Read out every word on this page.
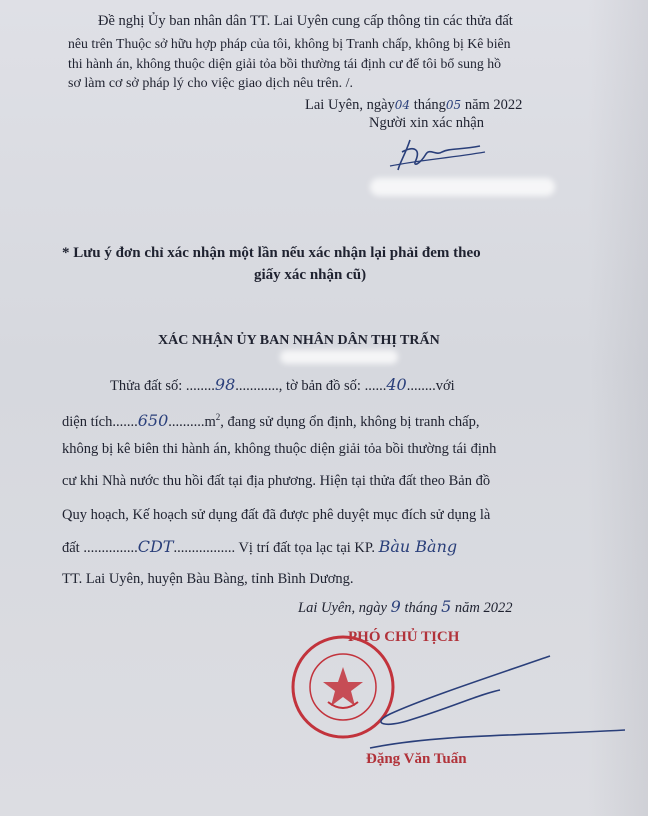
Đề nghị Ủy ban nhân dân TT. Lai Uyên cung cấp thông tin các thửa đất
nêu trên Thuộc sở hữu hợp pháp của tôi, không bị Tranh chấp, không bị Kê biên
thi hành án, không thuộc diện giải tỏa bồi thường tái định cư để tôi bổ sung hồ
sơ làm cơ sở pháp lý cho việc giao dịch nêu trên. /.
Lai Uyên, ngày04 tháng05 năm 2022
Người xin xác nhận
* Lưu ý đơn chỉ xác nhận một lần nếu xác nhận lại phải đem theo
giấy xác nhận cũ)
XÁC NHẬN ỦY BAN NHÂN DÂN THỊ TRẤN
Thửa đất số: ........98............, tờ bản đồ số: ......40........với
diện $tích.......650..........m^2$, đang sử dụng ổn định, không bị tranh chấp,
không bị kê biên thi hành án, không thuộc diện giải tỏa bồi thường tái định
cư khi Nhà nước thu hồi đất tại địa phương. Hiện tại thửa đất theo Bản đồ
Quy hoạch, Kế hoạch sử dụng đất đã được phê duyệt mục đích sử dụng là
đất ...............CDT................. Vị trí đất tọa lạc tại KP. Bàu Bàng
TT. Lai Uyên, huyện Bàu Bàng, tỉnh Bình Dương.
Lai Uyên, ngày 9 tháng 5 năm 2022
PHÓ CHỦ TỊCH
Đặng Văn Tuấn
